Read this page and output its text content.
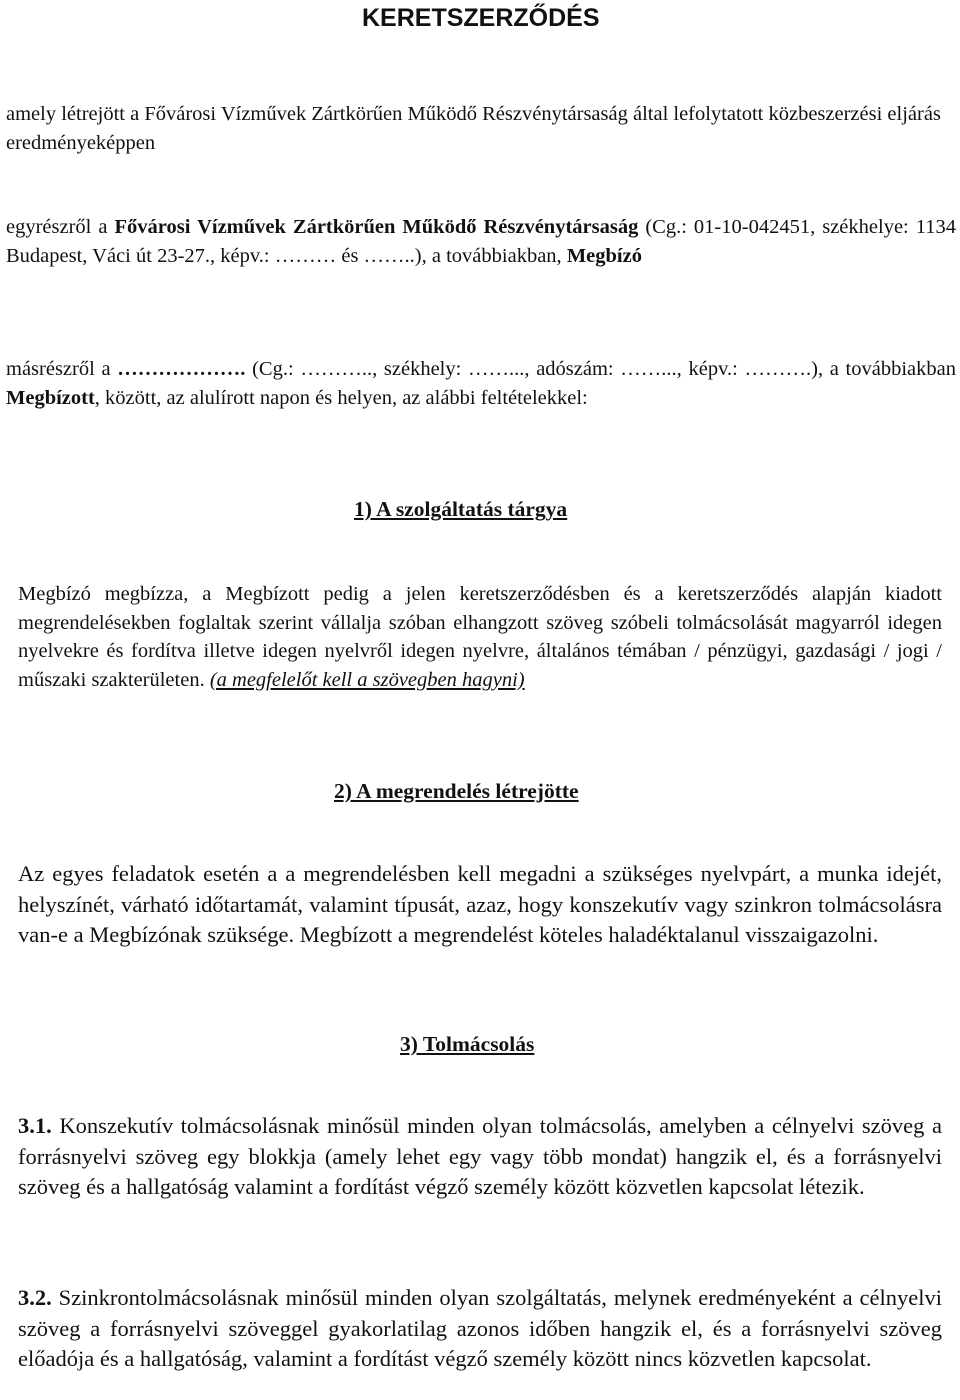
KERETSZERZŐDÉS

amely létrejött a Fővárosi Vízművek Zártkörűen Működő Részvénytársaság által lefolytatott közbeszerzési eljárás eredményeképpen

egyrészről a Fővárosi Vízművek Zártkörűen Működő Részvénytársaság (Cg.: 01-10-042451, székhelye: 1134 Budapest, Váci út 23-27., képv.: ……… és ……..), a továbbiakban, Megbízó

másrészről a ………………. (Cg.: ……….., székhely: ……..., adószám: ……..., képv.: ……….), a továbbiakban Megbízott, között, az alulírott napon és helyen, az alábbi feltételekkel:

1) A szolgáltatás tárgya

Megbízó megbízza, a Megbízott pedig a jelen keretszerződésben és a keretszerződés alapján kiadott megrendelésekben foglaltak szerint vállalja szóban elhangzott szöveg szóbeli tolmácsolását magyarról idegen nyelvekre és fordítva illetve idegen nyelvről idegen nyelvre, általános témában / pénzügyi, gazdasági / jogi / műszaki szakterületen. (a megfelelőt kell a szövegben hagyni)

2) A megrendelés létrejötte

Az egyes feladatok esetén a a megrendelésben kell megadni a szükséges nyelvpárt, a munka idejét, helyszínét, várható időtartamát, valamint típusát, azaz, hogy konszekutív vagy szinkron tolmácsolásra van-e a Megbízónak szüksége. Megbízott a megrendelést köteles haladéktalanul visszaigazolni.

3) Tolmácsolás

3.1. Konszekutív tolmácsolásnak minősül minden olyan tolmácsolás, amelyben a célnyelvi szöveg a forrásnyelvi szöveg egy blokkja (amely lehet egy vagy több mondat) hangzik el, és a forrásnyelvi szöveg és a hallgatóság valamint a fordítást végző személy között közvetlen kapcsolat létezik.

3.2. Szinkrontolmácsolásnak minősül minden olyan szolgáltatás, melynek eredményeként a célnyelvi szöveg a forrásnyelvi szöveggel gyakorlatilag azonos időben hangzik el, és a forrásnyelvi szöveg előadója és a hallgatóság, valamint a fordítást végző személy között nincs közvetlen kapcsolat.
